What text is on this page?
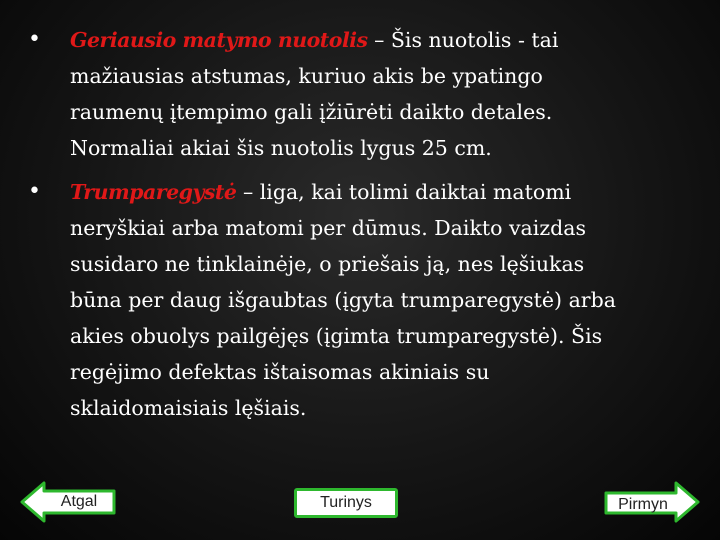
• Geriausio matymo nuotolis – Šis nuotolis - tai mažiausias atstumas, kuriuo akis be ypatingo raumenų įtempimo gali įžiūrėti daikto detales. Normaliai akiai šis nuotolis lygus 25 cm.
• Trumparegystė – liga, kai tolimi daiktai matomi neryškiai arba matomi per dūmus. Daikto vaizdas susidaro ne tinklainėje, o priešais ją, nes lęšiukas būna per daug išgaubtas (įgyta trumparegystė) arba akies obuolys pailgėjęs (įgimta trumparegystė). Šis regėjimo defektas ištaisomas akiniais su sklaidomaisiais lęšiais.
Atgal	Turinys	Pirmyn
